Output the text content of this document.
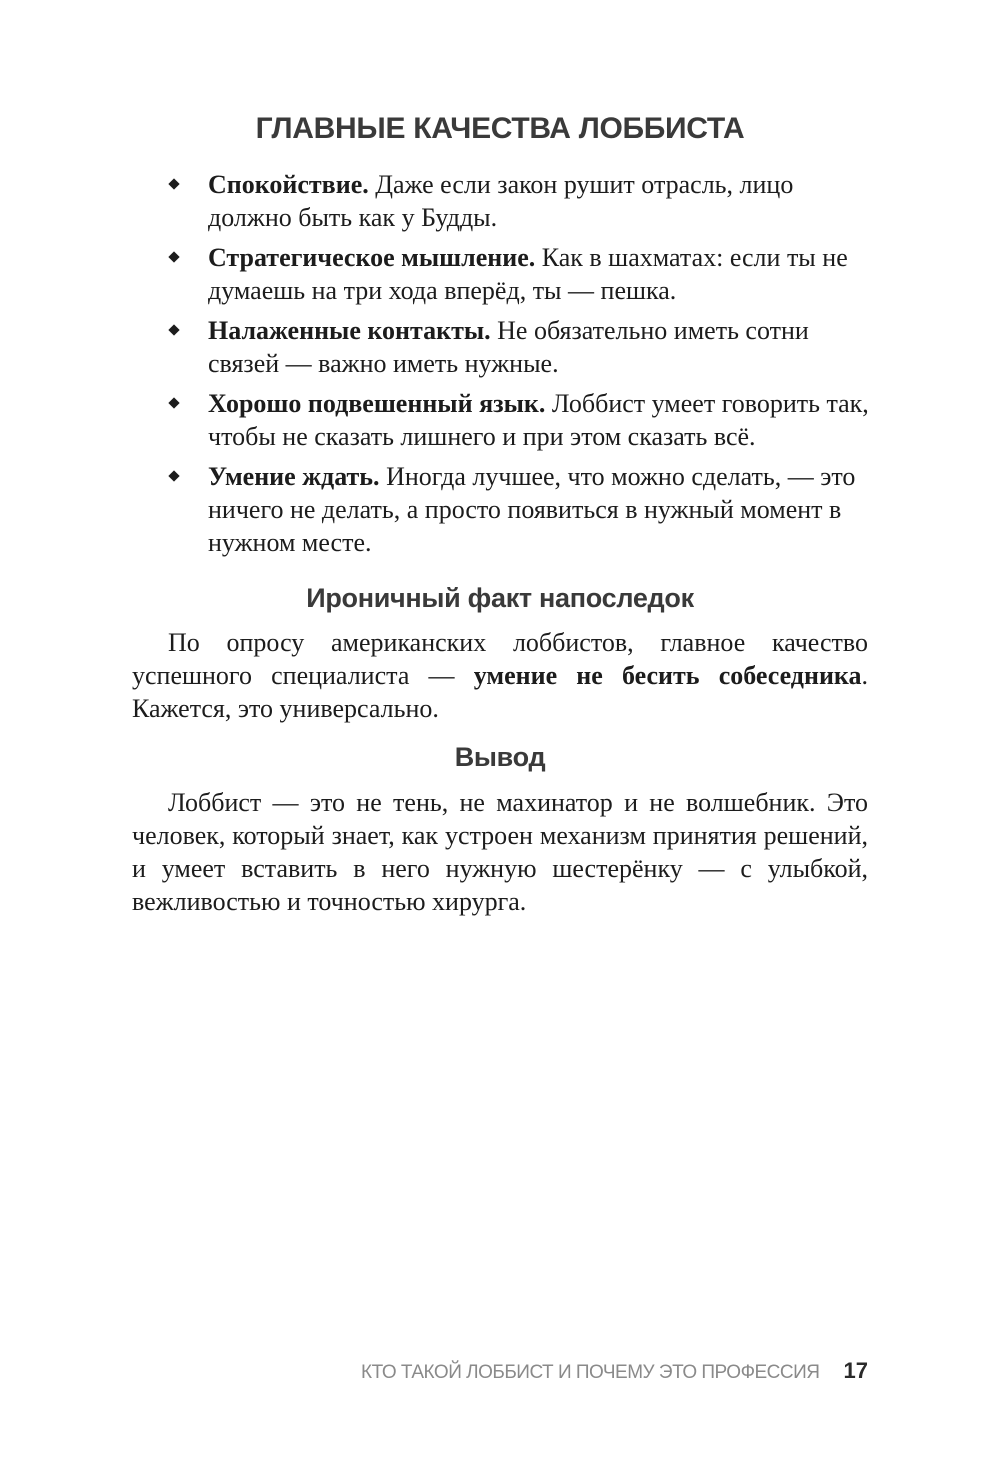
ГЛАВНЫЕ КАЧЕСТВА ЛОББИСТА
Спокойствие. Даже если закон рушит отрасль, лицо должно быть как у Будды.
Стратегическое мышление. Как в шахматах: если ты не думаешь на три хода вперёд, ты — пешка.
Налаженные контакты. Не обязательно иметь сотни связей — важно иметь нужные.
Хорошо подвешенный язык. Лоббист умеет говорить так, чтобы не сказать лишнего и при этом сказать всё.
Умение ждать. Иногда лучшее, что можно сделать, — это ничего не делать, а просто появиться в нужный момент в нужном месте.
Ироничный факт напоследок

По опросу американских лоббистов, главное качество успешного специалиста — умение не бесить собеседника. Кажется, это универсально.

Вывод

Лоббист — это не тень, не махинатор и не волшебник. Это человек, который знает, как устроен механизм принятия решений, и умеет вставить в него нужную шестерёнку — с улыбкой, вежливостью и точностью хирурга.

КТО ТАКОЙ ЛОББИСТ И ПОЧЕМУ ЭТО ПРОФЕССИЯ 17
